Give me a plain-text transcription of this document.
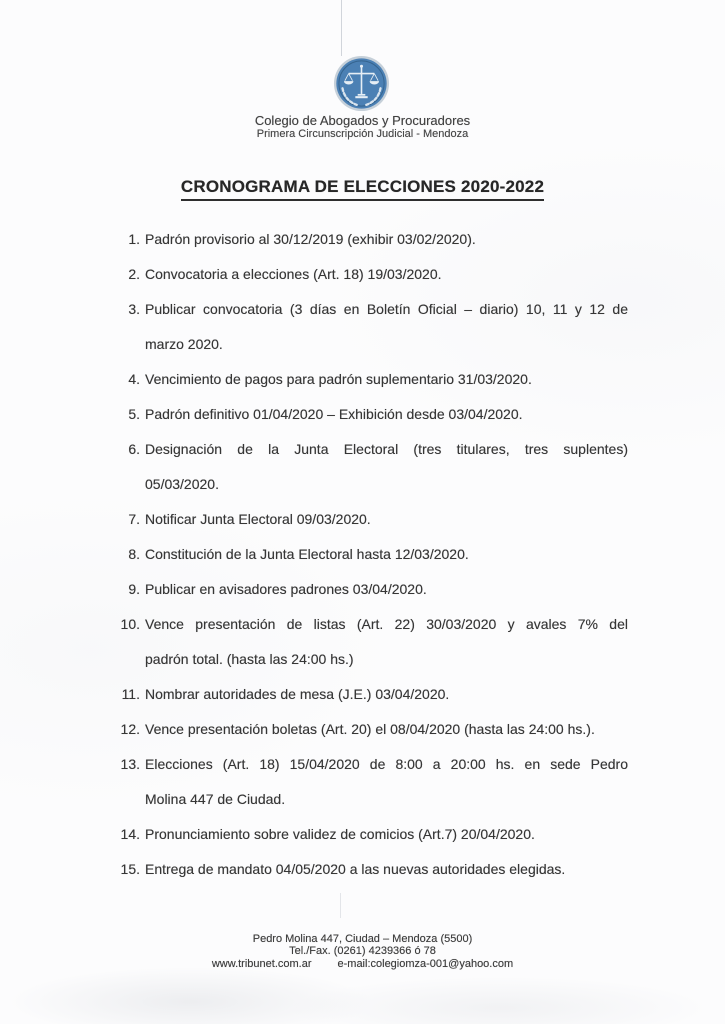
Colegio de Abogados y Procuradores
Primera Circunscripción Judicial - Mendoza
CRONOGRAMA DE ELECCIONES 2020-2022
1. Padrón provisorio al 30/12/2019 (exhibir 03/02/2020).
2. Convocatoria a elecciones (Art. 18) 19/03/2020.
3. Publicar convocatoria (3 días en Boletín Oficial – diario) 10, 11 y 12 de
marzo 2020.
4. Vencimiento de pagos para padrón suplementario 31/03/2020.
5. Padrón definitivo 01/04/2020 – Exhibición desde 03/04/2020.
6. Designación de la Junta Electoral (tres titulares, tres suplentes)
05/03/2020.
7. Notificar Junta Electoral 09/03/2020.
8. Constitución de la Junta Electoral hasta 12/03/2020.
9. Publicar en avisadores padrones 03/04/2020.
10. Vence presentación de listas (Art. 22) 30/03/2020 y avales 7% del
padrón total. (hasta las 24:00 hs.)
11. Nombrar autoridades de mesa (J.E.) 03/04/2020.
12. Vence presentación boletas (Art. 20) el 08/04/2020 (hasta las 24:00 hs.).
13. Elecciones (Art. 18) 15/04/2020 de 8:00 a 20:00 hs. en sede Pedro
Molina 447 de Ciudad.
14. Pronunciamiento sobre validez de comicios (Art.7) 20/04/2020.
15. Entrega de mandato 04/05/2020 a las nuevas autoridades elegidas.
Pedro Molina 447, Ciudad – Mendoza (5500)
Tel./Fax. (0261) 4239366 ó 78
www.tribunet.com.ar e-mail:colegiomza-001@yahoo.com
